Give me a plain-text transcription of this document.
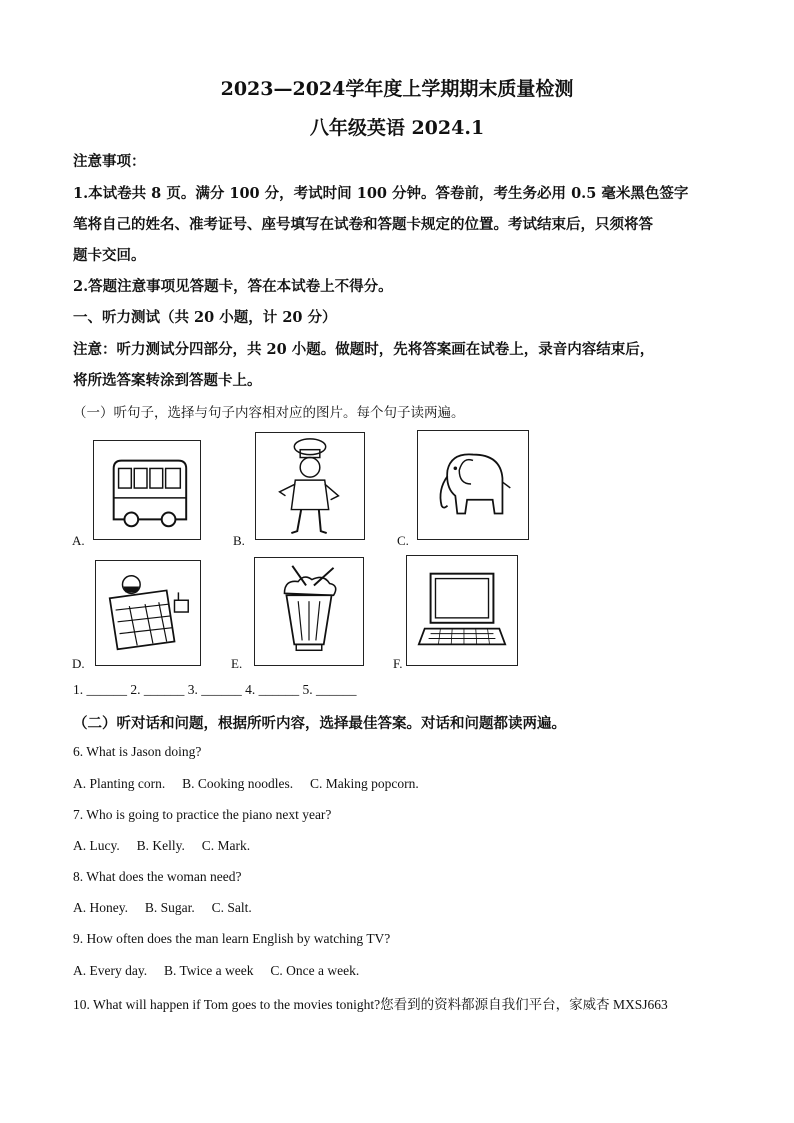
2023—2024学年度上学期期末质量检测
八年级英语 2024.1
注意事项：
1.本试卷共 8 页。满分 100 分，考试时间 100 分钟。答卷前，考生务必用 0.5 毫米黑色签字
笔将自己的姓名、准考证号、座号填写在试卷和答题卡规定的位置。考试结束后，只须将答
题卡交回。
2.答题注意事项见答题卡，答在本试卷上不得分。
一、听力测试（共 20 小题，计 20 分）
注意：听力测试分四部分，共 20 小题。做题时，先将答案画在试卷上，录音内容结束后，
将所选答案转涂到答题卡上。
（一）听句子，选择与句子内容相对应的图片。每个句子读两遍。
A.	B.	C.
D.	E.	F.
1. ______ 2. ______ 3. ______ 4. ______ 5. ______
（二）听对话和问题，根据所听内容，选择最佳答案。对话和问题都读两遍。
6. What is Jason doing?
A. Planting corn.     B. Cooking noodles.     C. Making popcorn.
7. Who is going to practice the piano next year?
A. Lucy.     B. Kelly.     C. Mark.
8. What does the woman need?
A. Honey.     B. Sugar.     C. Salt.
9. How often does the man learn English by watching TV?
A. Every day.     B. Twice a week     C. Once a week.
10. What will happen if Tom goes to the movies tonight?您看到的资料都源自我们平台，家威杏 MXSJ663
